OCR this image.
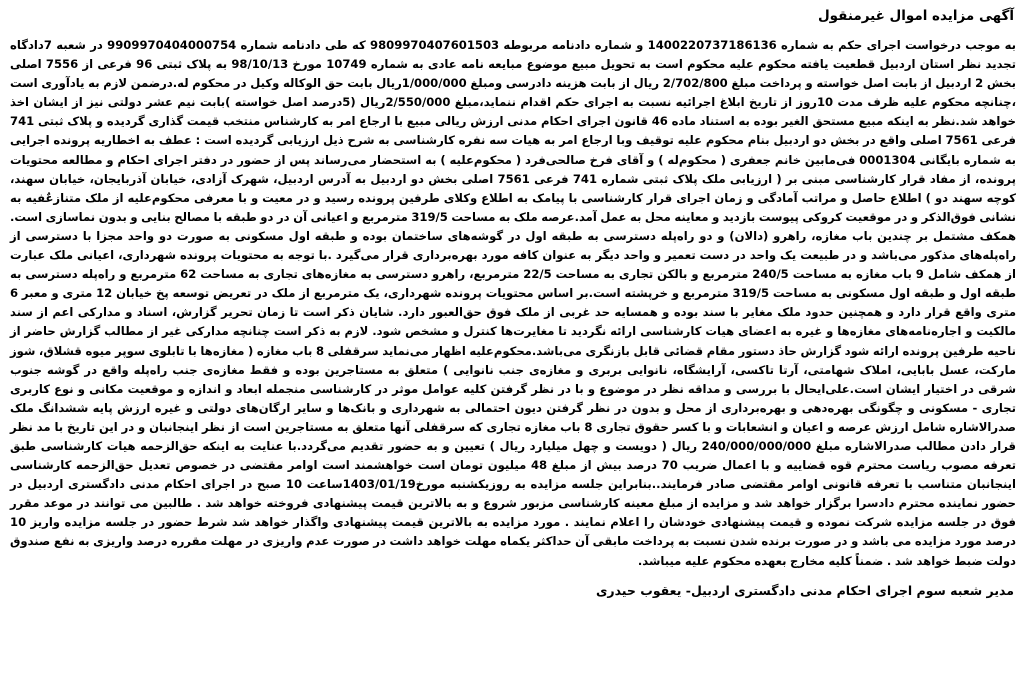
آگهی مزایده اموال غیرمنقول

به موجب درخواست اجرای حکم به شماره 1400220737186136 و شماره دادنامه مربوطه 9809970407601503 که طی دادنامه شماره 9909970404000754 در شعبه 7دادگاه تجدید نظر استان اردبیل قطعیت یافته محکوم علیه محکوم است به تحویل مبیع موضوع مبایعه نامه عادی به شماره 10749 مورخ 98/10/13 به پلاک ثبتی 96 فرعی از 7556 اصلی بخش 2 اردبیل از بابت اصل خواسته و پرداخت مبلغ 2/702/800 ریال از بابت هزینه دادرسی ومبلغ 1/000/000ریال بابت حق الوکاله وکیل در محکوم له.درضمن لازم به یادآوری است ،چنانچه محکوم علیه ظرف مدت 10روز از تاریخ ابلاغ اجرائیه نسبت به اجرای حکم اقدام ننماید،مبلغ 2/550/000ریال (5درصد اصل خواسته )بابت نیم عشر دولتی نیز از ایشان اخذ خواهد شد.نظر به اینکه مبیع مستحق الغیر بوده به استناد ماده 46 قانون اجرای احکام مدنی ارزش ریالی مبیع با ارجاع امر به کارشناس منتخب قیمت گذاری گردیده و پلاک ثبتی 741 فرعی 7561 اصلی واقع در بخش دو اردبیل بنام محکوم علیه توقیف وبا ارجاع امر به هیات سه نفره کارشناسی به شرح ذیل ارزیابی گردیده است : عطف به اخطاریه پرونده اجرایی به شماره بایگانی 0001304 فی‌مابین خانم جعفری ( محکوم‌له ) و آقای فرخ صالحی‌فرد ( محکوم‌علیه ) به استحضار می‌رساند پس از حضور در دفتر اجرای احکام و مطالعه محتویات پرونده، از مفاد قرار کارشناسی مبنی بر ( ارزیابی ملک پلاک ثبتی شماره 741 فرعی 7561 اصلی بخش دو اردبیل به آدرس اردبیل، شهرک آزادی، خیابان آذربایجان، خیابان سهند، کوچه سهند دو ) اطلاع حاصل و مراتب آمادگی و زمان اجرای قرار کارشناسی با پیامک به اطلاع وکلای طرفین پرونده رسید و در معیت و با معرفی محکوم‌علیه از ملک متنازعٌفیه به نشانی فوق‌الذکر و در موقعیت کروکی پیوست بازدید و معاینه محل به عمل آمد.عرصه ملک به مساحت 319/5 مترمربع و اعیانی آن در دو طبقه با مصالح بنایی و بدون نماسازی است. همکف مشتمل بر چندین باب مغازه، راهرو (دالان) و دو راه‌پله دسترسی به طبقه اول در گوشه‌های ساختمان بوده و طبقه اول مسکونی به صورت دو واحد مجزا با دسترسی از راه‌پله‌های مذکور می‌باشد و در طبیعت یک واحد در دست تعمیر و واحد دیگر به عنوان کافه مورد بهره‌برداری قرار می‌گیرد .با توجه به محتویات پرونده شهرداری، اعیانی ملک عبارت از همکف شامل 9 باب مغازه به مساحت 240/5 مترمربع و بالکن تجاری به مساحت 22/5 مترمربع، راهرو دسترسی به مغازه‌های تجاری به مساحت 62 مترمربع و راه‌پله دسترسی به طبقه اول و طبقه اول مسکونی به مساحت 319/5 مترمربع و خرپشته است.بر اساس محتویات پرونده شهرداری، یک مترمربع از ملک در تعریض توسعه پخ خیابان 12 متری و معبر 6 متری واقع قرار دارد و همچنین حدود ملک مغایر با سند بوده و همسایه حد غربی از ملک فوق حق‌العبور دارد. شایان ذکر است تا زمان تحریر گزارش، اسناد و مدارکی اعم از سند مالکیت و اجاره‌نامه‌های مغازه‌ها و غیره به اعضای هیات کارشناسی ارائه نگردید تا مغایرت‌ها کنترل و مشخص شود. لازم به ذکر است چنانچه مدارکی غیر از مطالب گزارش حاضر از ناحیه طرفین پرونده ارائه شود گزارش حاذ دستور مقام قضائی قابل بازنگری می‌باشد.محکوم‌علیه اظهار می‌نماید سرقفلی 8 باب مغازه ( مغازه‌ها با تابلوی سوپر میوه قشلاق، شوز مارکت، عسل بابایی، املاک شهامتی، آرتا تاکسی، آرایشگاه، نانوایی بربری و مغازه‌ی جنب نانوایی ) متعلق به مستاجرین بوده و فقط مغازه‌ی جنب راه‌پله واقع در گوشه جنوب شرقی در اختیار ایشان است.علی‌ایحال با بررسی و مداقه نظر در موضوع و با در نظر گرفتن کلیه عوامل موثر در کارشناسی منجمله ابعاد و اندازه و موقعیت مکانی و نوع کاربری تجاری - مسکونی و چگونگی بهره‌دهی و بهره‌برداری از محل و بدون در نظر گرفتن دیون احتمالی به شهرداری و بانک‌ها و سایر ارگان‌های دولتی و غیره ارزش پایه ششدانگ ملک صدرالاشاره شامل ارزش عرصه و اعیان و انشعابات و با کسر حقوق تجاری 8 باب مغازه تجاری که سرقفلی آنها متعلق به مستاجرین است از نظر اینجانبان و در این تاریخ با مد نظر قرار دادن مطالب صدرالاشاره مبلغ 240/000/000/000 ریال ( دویست و چهل میلیارد ریال ) تعیین و به حضور تقدیم می‌گردد.با عنایت به اینکه حق‌الزحمه هیات کارشناسی طبق تعرفه مصوب ریاست محترم قوه قضاییه و با اعمال ضریب 70 درصد بیش از مبلغ 48 میلیون تومان است خواهشمند است اوامر مقتضی در خصوص تعدیل حق‌الزحمه کارشناسی اینجانبان متناسب با تعرفه قانونی اوامر مقتضی صادر فرمایند..بنابراین جلسه مزایده به روزیکشنبه مورخ1403/01/19ساعت 10 صبح در اجرای احکام مدنی دادگستری اردبیل در حضور نماینده محترم دادسرا برگزار خواهد شد و مزایده از مبلغ معینه کارشناسی مزبور شروع و به بالاترین قیمت پیشنهادی فروخته خواهد شد . طالبین می توانند در موعد مقرر فوق در جلسه مزایده شرکت نموده و قیمت پیشنهادی خودشان را اعلام نمایند . مورد مزایده به بالاترین قیمت پیشنهادی واگذار خواهد شد شرط حضور در جلسه مزایده واریز 10 درصد مورد مزایده می باشد و در صورت برنده شدن نسبت به پرداخت مابقی آن حداکثر یکماه مهلت خواهد داشت در صورت عدم واریزی در مهلت مقرره درصد واریزی به نفع صندوق دولت ضبط خواهد شد . ضمناً کلیه مخارج بعهده محکوم علیه میباشد.

مدیر شعبه سوم اجرای احکام مدنی دادگستری اردبیل- یعقوب حیدری
